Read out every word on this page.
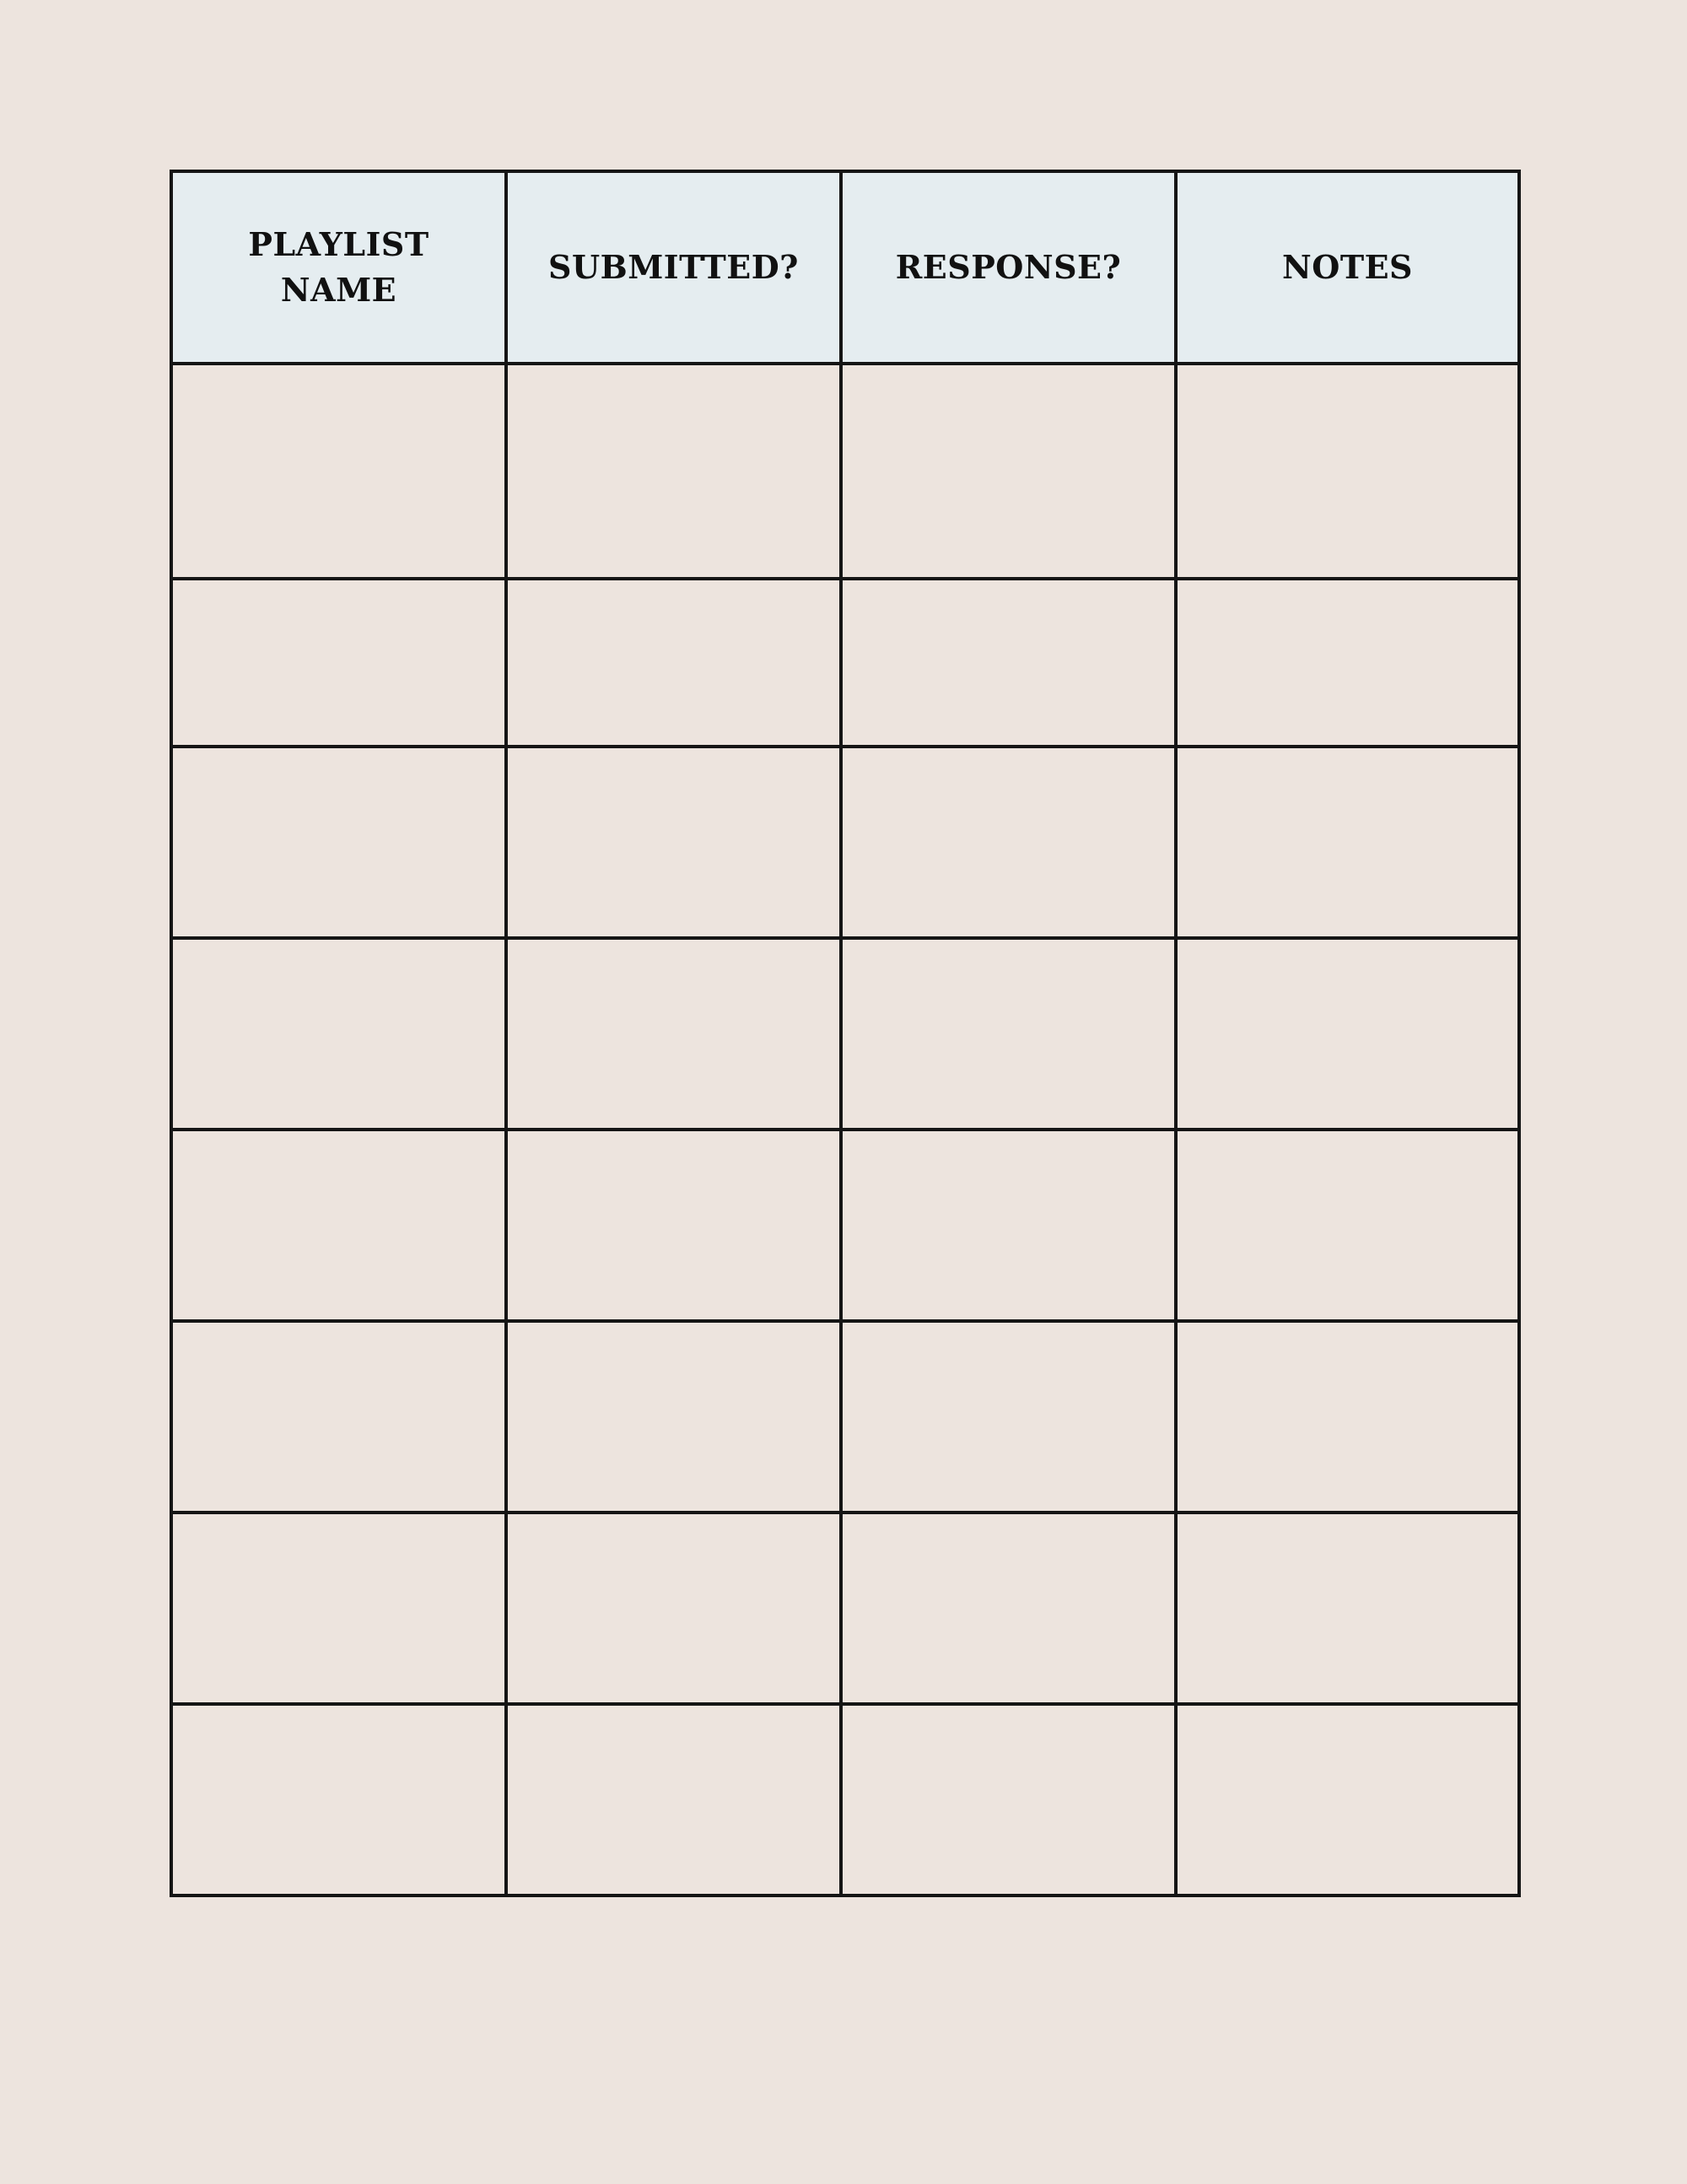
PLAYLIST
NAME	SUBMITTED?	RESPONSE?	NOTES
